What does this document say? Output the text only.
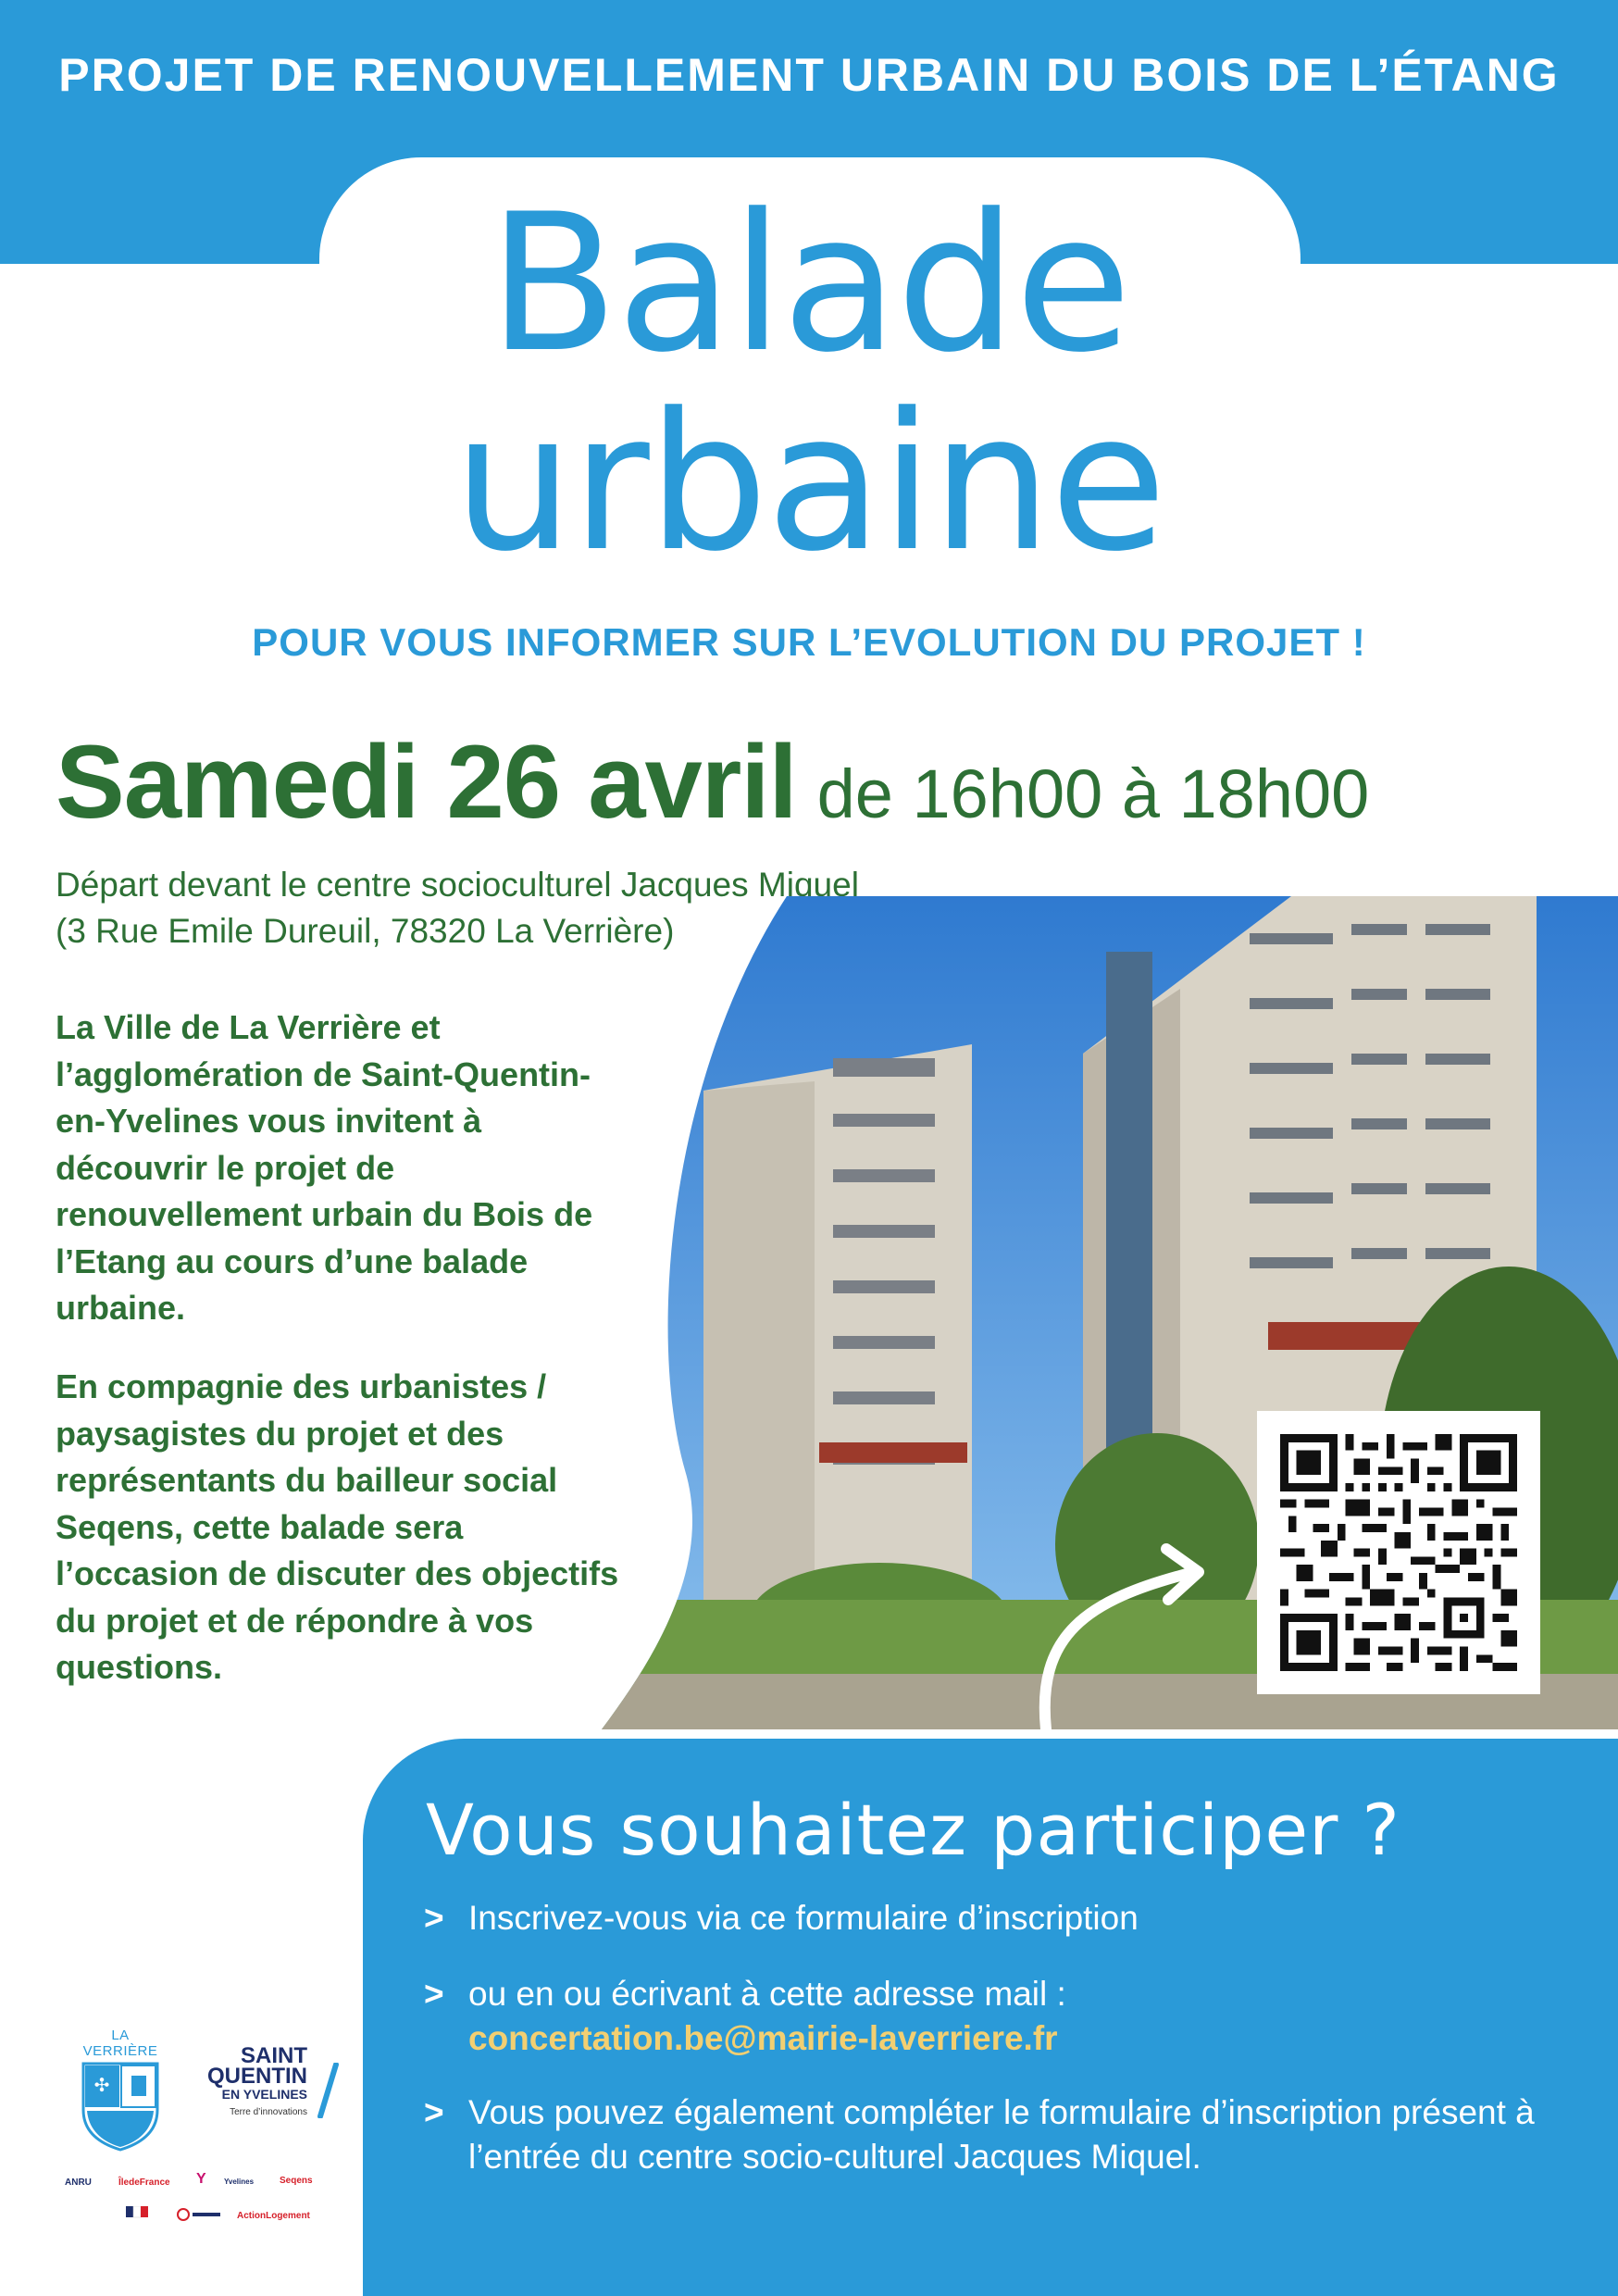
PROJET DE RENOUVELLEMENT URBAIN DU BOIS DE L’ÉTANG
Balade
urbaine
POUR VOUS INFORMER SUR L’EVOLUTION DU PROJET !
Samedi 26 avril de 16h00 à 18h00
Départ devant le centre socioculturel Jacques Miquel
(3 Rue Emile Dureuil, 78320 La Verrière)
La Ville de La Verrière et l’agglomération de Saint-Quentin-en-Yvelines vous invitent à découvrir le projet de renouvellement urbain du Bois de l’Etang au cours d’une balade urbaine.
En compagnie des urbanistes / paysagistes du projet et des représentants du bailleur social Seqens, cette balade sera l’occasion de discuter des objectifs du projet et de répondre à vos questions.
Vous souhaitez participer ?
> Inscrivez-vous via ce formulaire d’inscription
> ou en ou écrivant à cette adresse mail :
concertation.be@mairie-laverriere.fr
> Vous pouvez également compléter le formulaire d’inscription présent à l’entrée du centre socio-culturel Jacques Miquel.
LA VERRIÈRE
✣
SAINT
QUENTIN
EN YVELINES
Terre d’innovations
ANRU	ÎledeFrance Y Yvelines	Seqens
ActionLogement
